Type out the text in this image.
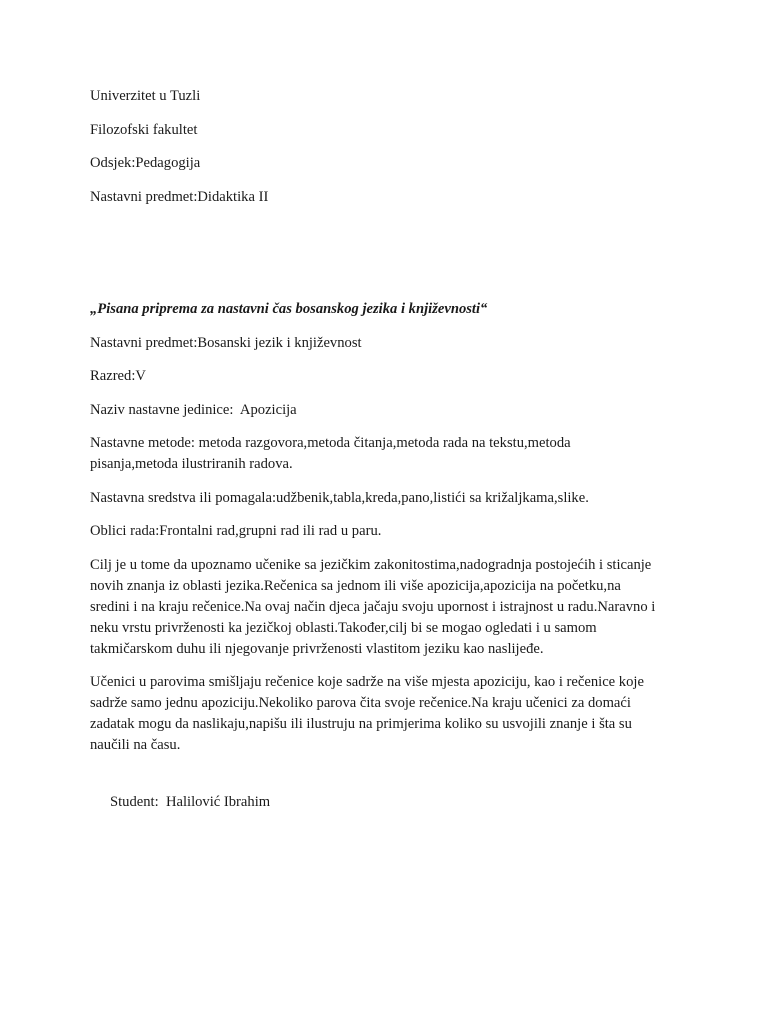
Univerzitet u Tuzli
Filozofski fakultet
Odsjek:Pedagogija
Nastavni predmet:Didaktika II
„Pisana priprema za nastavni čas bosanskog jezika i književnosti“
Nastavni predmet:Bosanski jezik i književnost
Razred:V
Naziv nastavne jedinice:  Apozicija
Nastavne metode: metoda razgovora,metoda čitanja,metoda rada na tekstu,metoda
pisanja,metoda ilustriranih radova.
Nastavna sredstva ili pomagala:udžbenik,tabla,kreda,pano,listići sa križaljkama,slike.
Oblici rada:Frontalni rad,grupni rad ili rad u paru.
Cilj je u tome da upoznamo učenike sa jezičkim zakonitostima,nadogradnja postojećih i sticanje
novih znanja iz oblasti jezika.Rečenica sa jednom ili više apozicija,apozicija na početku,na
sredini i na kraju rečenice.Na ovaj način djeca jačaju svoju upornost i istrajnost u radu.Naravno i
neku vrstu privrženosti ka jezičkoj oblasti.Također,cilj bi se mogao ogledati i u samom
takmičarskom duhu ili njegovanje privrženosti vlastitom jeziku kao naslijeđe.
Učenici u parovima smišljaju rečenice koje sadrže na više mjesta apoziciju, kao i rečenice koje
sadrže samo jednu apoziciju.Nekoliko parova čita svoje rečenice.Na kraju učenici za domaći
zadatak mogu da naslikaju,napišu ili ilustruju na primjerima koliko su usvojili znanje i šta su
naučili na času.
Student:  Halilović Ibrahim
